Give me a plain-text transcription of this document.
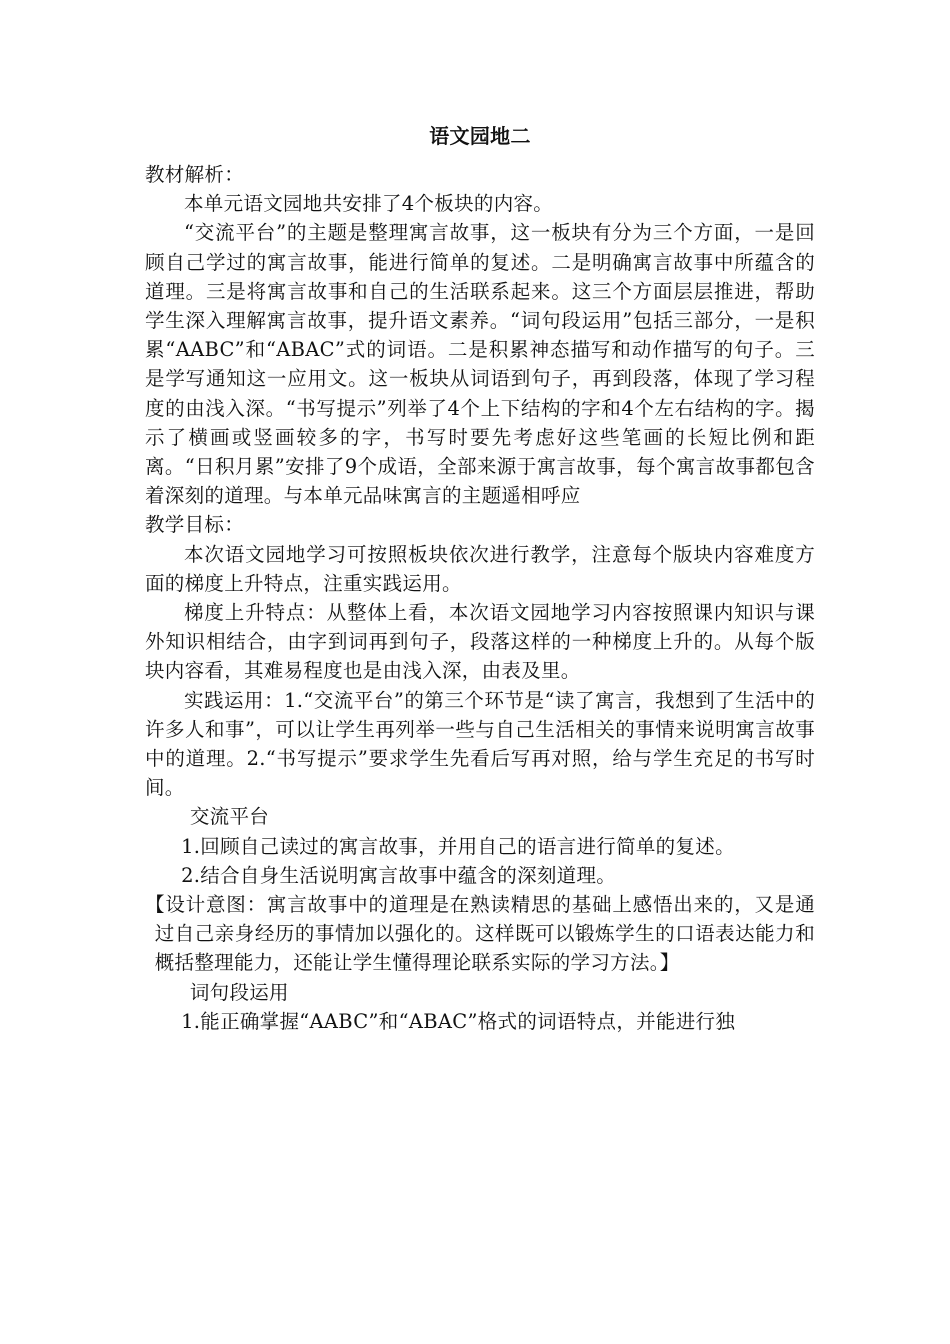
语文园地二

教材解析：

本单元语文园地共安排了4个板块的内容。

“交流平台”的主题是整理寓言故事，这一板块有分为三个方面，一是回顾自己学过的寓言故事，能进行简单的复述。二是明确寓言故事中所蕴含的道理。三是将寓言故事和自己的生活联系起来。这三个方面层层推进，帮助学生深入理解寓言故事，提升语文素养。“词句段运用”包括三部分，一是积累“AABC”和“ABAC”式的词语。二是积累神态描写和动作描写的句子。三是学写通知这一应用文。这一板块从词语到句子，再到段落，体现了学习程度的由浅入深。“书写提示”列举了4个上下结构的字和4个左右结构的字。揭示了横画或竖画较多的字，书写时要先考虑好这些笔画的长短比例和距离。“日积月累”安排了9个成语，全部来源于寓言故事，每个寓言故事都包含着深刻的道理。与本单元品味寓言的主题遥相呼应

教学目标：

本次语文园地学习可按照板块依次进行教学，注意每个版块内容难度方面的梯度上升特点，注重实践运用。

梯度上升特点：从整体上看，本次语文园地学习内容按照课内知识与课外知识相结合，由字到词再到句子，段落这样的一种梯度上升的。从每个版块内容看，其难易程度也是由浅入深，由表及里。

实践运用：1.“交流平台”的第三个环节是“读了寓言，我想到了生活中的许多人和事”，可以让学生再列举一些与自己生活相关的事情来说明寓言故事中的道理。2.“书写提示”要求学生先看后写再对照，给与学生充足的书写时间。

交流平台

1.回顾自己读过的寓言故事，并用自己的语言进行简单的复述。

2.结合自身生活说明寓言故事中蕴含的深刻道理。

【设计意图：寓言故事中的道理是在熟读精思的基础上感悟出来的，又是通过自己亲身经历的事情加以强化的。这样既可以锻炼学生的口语表达能力和概括整理能力，还能让学生懂得理论联系实际的学习方法。】

词句段运用

1.能正确掌握“AABC”和“ABAC”格式的词语特点，并能进行独
